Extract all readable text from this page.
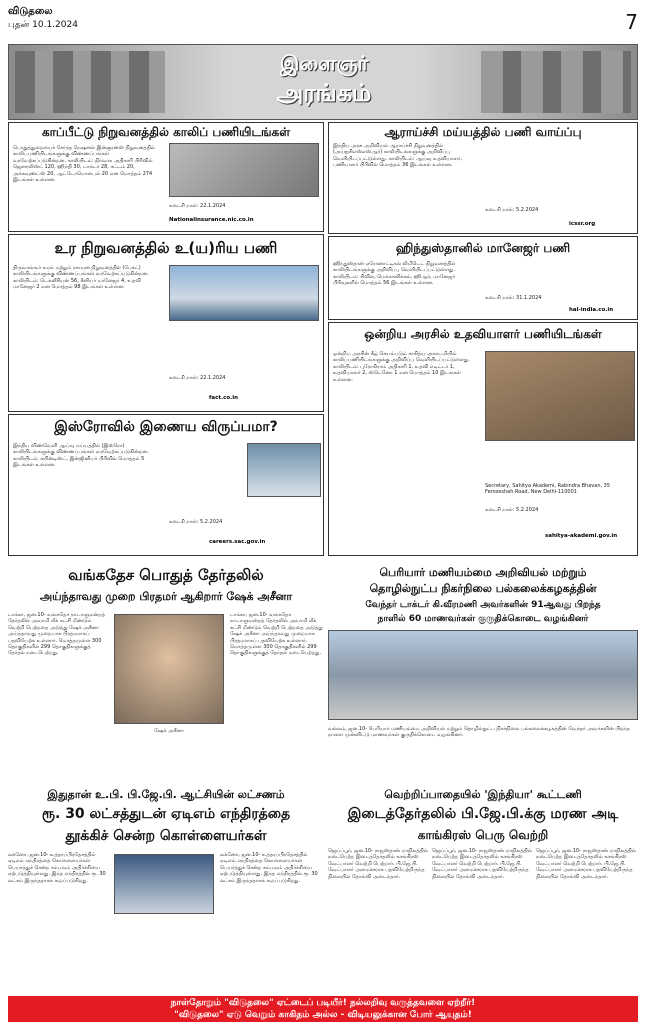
விடுதலை
புதன் 10.1.2024	7
இளைஞர்
அரங்கம்
காப்பீட்டு நிறுவனத்தில் காலிப் பணியிடங்கள்
பொதுத்துறையைச் சேர்ந்த நேஷனல் இன்சூரன்ஸ் நிறுவனத்தில் காலிப்பணியிடங்களுக்கு விண்ணப்பங்கள் வரவேற்கப்படுகின்றன. காலியிடம்: நிர்வாக அதிகாரி பிரிவில் ஜெனரலிஸ்ட் 120, ஹிந்தி 30, டாக்டர் 28, சட்டம் 20, அக்கவுண்ட்ஸ் 20, ஆட்டோமொபைல் 20 என மொத்தம் 274 இடங்கள் உள்ளன.
கடைசி நாள்: 22.1.2024
Nationalinsurance.nic.co.in
உர நிறுவனத்தில் உ(ய)ரிய பணி
திருவாங்கூர் உரம் மற்றும் ரசாயன நிறுவனத்தில் (பேக்ட்) காலியிடங்களுக்கு விண்ணப்பங்கள் வரவேற்கப்படுகின்றன. காலியிடம்: டெக்னீசியன் 56, சீனியர் மானேஜர் 4, உதவி மானேஜர் 2 என மொத்தம் 98 இடங்கள் உள்ளன.
கடைசி நாள்: 22.1.2024
fact.co.in
இஸ்ரோவில் இணைய விருப்பமா?
இந்திய விண்வெளி ஆய்வு மய்யத்தில் (இஸ்ரோ) காலியிடங்களுக்கு விண்ணப்பங்கள் வரவேற்கப்படுகின்றன. காலியிடம்: சயின்டிஸ்ட், இன்ஜினியர் பிரிவில் மொத்தம் 5 இடங்கள் உள்ளன.
கடைசி நாள்: 5.2.2024
careers.sac.gov.in
ஆராய்ச்சி மய்யத்தில் பணி வாய்ப்பு
இந்திய அரசு அறிவியல் ஆராய்ச்சி நிறுவனத்தில் (அய்ஐசிஎஸ்எஸ்ஆர்) காலியிடங்களுக்கு அறிவிப்பு வெளியிடப்பட்டுள்ளது. காலியிடம்: ஆய்வு உதவியாளர், பணியாளர் பிரிவில் மொத்தம் 36 இடங்கள் உள்ளன.
கடைசி நாள்: 5.2.2024
icssr.org
ஹிந்துஸ்தானில் மானேஜர் பணி
ஹிந்துஸ்தான் ஏரோனாட்டிகல் லிமிடெட் நிறுவனத்தில் காலியிடங்களுக்கு அறிவிப்பு வெளியிடப்பட்டுள்ளது. காலியிடம்: சிவில், மெக்கானிக்கல், ஹிஆர், மானேஜர் பிரிவுகளில் மொத்தம் 56 இடங்கள் உள்ளன.
கடைசி நாள்: 31.1.2024
hal-india.co.in
ஒன்றிய அரசில் உதவியாளர் பணியிடங்கள்
ஒன்றிய அரசின் கீழ் செயல்படும் சாகித்ய அகாடமியில் காலிப்பணியிடங்களுக்கு அறிவிப்பு வெளியிடப்பட்டுள்ளது. காலியிடம்: புரோகிராம் அதிகாரி 1, உதவி எடிட்டர் 1, உதவியாளர் 2, ஸ்டெனோ 1 என மொத்தம் 10 இடங்கள் உள்ளன.
Secretary, Sahitya Akademi, Rabindra Bhavan, 35 Ferozeshah Road, New Delhi-110001
கடைசி நாள்: 5.2.2024
sahitya-akademi.gov.in
வங்கதேச பொதுத் தேர்தலில்
அய்ந்தாவது முறை பிரதமர் ஆகிறார் ஷேக் அசீனா
டாக்கா, ஜன.10- வங்கதேச நாடாளுமன்றத் தேர்தலில் அவாமி லீக் கட்சி மீண்டும் வெற்றி பெற்றதை அடுத்து ஷேக் அசீனா அய்ந்தாவது முறையாக பிரதமராகப் பதவியேற்க உள்ளார். மொத்தமுள்ள 300 தொகுதிகளில் 299 தொகுதிகளுக்குத் தேர்தல் நடைபெற்றது.
ஷேக் அசீனா
டாக்கா, ஜன.10- வங்கதேச நாடாளுமன்றத் தேர்தலில் அவாமி லீக் கட்சி மீண்டும் வெற்றி பெற்றதை அடுத்து ஷேக் அசீனா அய்ந்தாவது முறையாக பிரதமராகப் பதவியேற்க உள்ளார். மொத்தமுள்ள 300 தொகுதிகளில் 299 தொகுதிகளுக்குத் தேர்தல் நடைபெற்றது.
பெரியார் மணியம்மை அறிவியல் மற்றும்
தொழில்நுட்ப நிகர்நிலை பல்கலைக்கழகத்தின்
வேந்தர் டாக்டர் கி.வீரமணி அவர்களின் 91ஆவது பிறந்த
நாளில் 60 மாணவர்கள் குருதிக்கொடை வழங்கினர்
வல்லம், ஜன.10- பெரியார் மணியம்மை அறிவியல் மற்றும் தொழில்நுட்ப நிகர்நிலை பல்கலைக்கழகத்தின் வேந்தர் அவர்களின் பிறந்த நாளை முன்னிட்டு மாணவர்கள் குருதிக்கொடை வழங்கினர்.
இதுதான் உ.பி. பி.ஜே.பி. ஆட்சியின் லட்சணம்
ரூ. 30 லட்சத்துடன் ஏடிஎம் எந்திரத்தை
தூக்கிச் சென்ற கொள்ளையர்கள்
லக்னோ, ஜன.10- உத்தரப்பிரதேசத்தில் ஏடிஎம் எந்திரத்தை கொள்ளையர்கள் பெயர்த்துச் சென்ற சம்பவம் அதிர்ச்சியை ஏற்படுத்தியுள்ளது. இந்த எந்திரத்தில் ரூ. 30 லட்சம் இருந்ததாகக் கூறப்படுகிறது.
லக்னோ, ஜன.10- உத்தரப்பிரதேசத்தில் ஏடிஎம் எந்திரத்தை கொள்ளையர்கள் பெயர்த்துச் சென்ற சம்பவம் அதிர்ச்சியை ஏற்படுத்தியுள்ளது. இந்த எந்திரத்தில் ரூ. 30 லட்சம் இருந்ததாகக் கூறப்படுகிறது.
வெற்றிப்பாதையில் 'இந்தியா' கூட்டணி
இடைத்தேர்தலில் பி.ஜே.பி.க்கு மரண அடி
காங்கிரஸ் பெரு வெற்றி
ஜெய்ப்பூர், ஜன.10- ராஜஸ்தான் மாநிலத்தில் நடைபெற்ற இடைத்தேர்தலில் காங்கிரஸ் வேட்பாளர் வெற்றி பெற்றார். பி.ஜே.பி. வேட்பாளர் அமைச்சராக பதவியேற்றிருந்த நிலையில் தோல்வி அடைந்தார்.
ஜெய்ப்பூர், ஜன.10- ராஜஸ்தான் மாநிலத்தில் நடைபெற்ற இடைத்தேர்தலில் காங்கிரஸ் வேட்பாளர் வெற்றி பெற்றார். பி.ஜே.பி. வேட்பாளர் அமைச்சராக பதவியேற்றிருந்த நிலையில் தோல்வி அடைந்தார்.
ஜெய்ப்பூர், ஜன.10- ராஜஸ்தான் மாநிலத்தில் நடைபெற்ற இடைத்தேர்தலில் காங்கிரஸ் வேட்பாளர் வெற்றி பெற்றார். பி.ஜே.பி. வேட்பாளர் அமைச்சராக பதவியேற்றிருந்த நிலையில் தோல்வி அடைந்தார்.
நாள்தோறும் "விடுதலை" ஏட்டைப் படியீர்! நல்லறிவு வருத்தவளை ஏற்றீர்!
"விடுதலை" ஏடு வெறும் காகிதம் அல்ல - விடியலுக்கான போர் ஆயுதம்!
